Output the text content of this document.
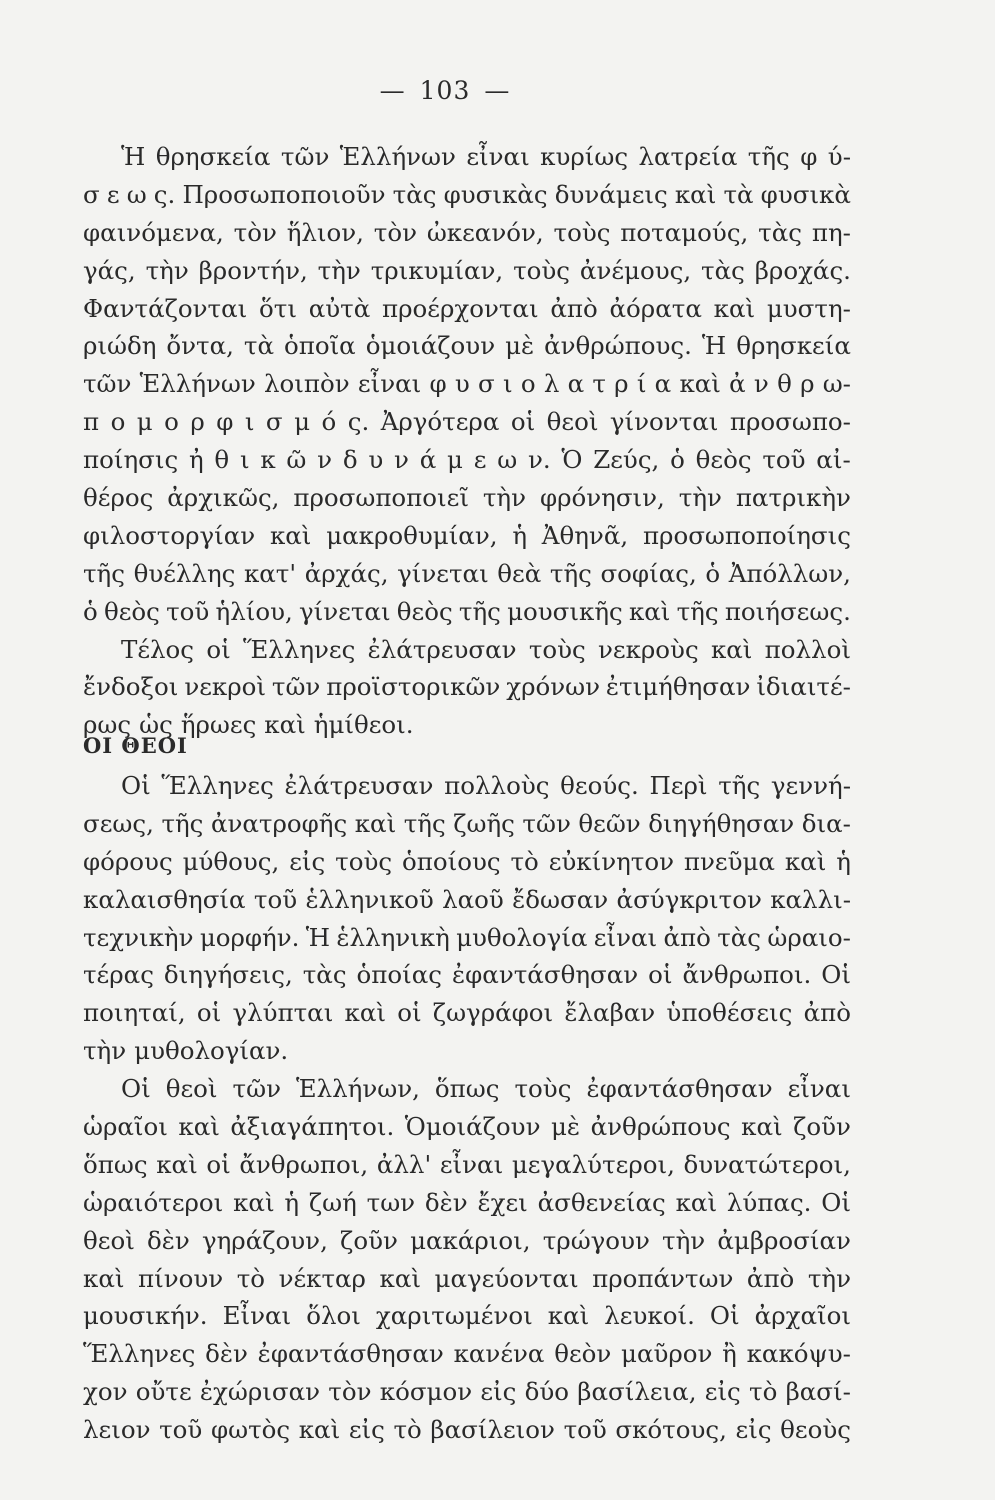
— 103 —
Ἡ θρησκεία τῶν Ἑλλήνων εἶναι κυρίως λατρεία τῆς φ ύ-
σ ε ω ς. Προσωποποιοῦν τὰς φυσικὰς δυνάμεις καὶ τὰ φυσικὰ
φαινόμενα, τὸν ἥλιον, τὸν ὠκεανόν, τοὺς ποταμούς, τὰς πη-
γάς, τὴν βροντήν, τὴν τρικυμίαν, τοὺς ἀνέμους, τὰς βροχάς.
Φαντάζονται ὅτι αὐτὰ προέρχονται ἀπὸ ἀόρατα καὶ μυστη-
ριώδη ὄντα, τὰ ὁποῖα ὁμοιάζουν μὲ ἀνθρώπους. Ἡ θρησκεία
τῶν Ἑλλήνων λοιπὸν εἶναι φ υ σ ι ο λ α τ ρ ί α καὶ ἀ ν θ ρ ω-
π ο μ ο ρ φ ι σ μ ό ς. Ἀργότερα οἱ θεοὶ γίνονται προσωπο-
ποίησις ἠ θ ι κ ῶ ν δ υ ν ά μ ε ω ν. Ὁ Ζεύς, ὁ θεὸς τοῦ αἰ-
θέρος ἀρχικῶς, προσωποποιεῖ τὴν φρόνησιν, τὴν πατρικὴν
φιλοστοργίαν καὶ μακροθυμίαν, ἡ Ἀθηνᾶ, προσωποποίησις
τῆς θυέλλης κατ' ἀρχάς, γίνεται θεὰ τῆς σοφίας, ὁ Ἀπόλλων,
ὁ θεὸς τοῦ ἡλίου, γίνεται θεὸς τῆς μουσικῆς καὶ τῆς ποιήσεως.
Τέλος οἱ Ἕλληνες ἐλάτρευσαν τοὺς νεκροὺς καὶ πολλοὶ
ἔνδοξοι νεκροὶ τῶν προϊστορικῶν χρόνων ἐτιμήθησαν ἰδιαιτέ-
ρως ὡς ἥρωες καὶ ἡμίθεοι.
ΟΙ ΘΕΟΙ
Οἱ Ἕλληνες ἐλάτρευσαν πολλοὺς θεούς. Περὶ τῆς γεννή-
σεως, τῆς ἀνατροφῆς καὶ τῆς ζωῆς τῶν θεῶν διηγήθησαν δια-
φόρους μύθους, εἰς τοὺς ὁποίους τὸ εὐκίνητον πνεῦμα καὶ ἡ
καλαισθησία τοῦ ἑλληνικοῦ λαοῦ ἔδωσαν ἀσύγκριτον καλλι-
τεχνικὴν μορφήν. Ἡ ἑλληνικὴ μυθολογία εἶναι ἀπὸ τὰς ὡραιο-
τέρας διηγήσεις, τὰς ὁποίας ἐφαντάσθησαν οἱ ἄνθρωποι. Οἱ
ποιηταί, οἱ γλύπται καὶ οἱ ζωγράφοι ἔλαβαν ὑποθέσεις ἀπὸ
τὴν μυθολογίαν.
Οἱ θεοὶ τῶν Ἑλλήνων, ὅπως τοὺς ἐφαντάσθησαν εἶναι
ὡραῖοι καὶ ἀξιαγάπητοι. Ὁμοιάζουν μὲ ἀνθρώπους καὶ ζοῦν
ὅπως καὶ οἱ ἄνθρωποι, ἀλλ' εἶναι μεγαλύτεροι, δυνατώτεροι,
ὡραιότεροι καὶ ἡ ζωή των δὲν ἔχει ἀσθενείας καὶ λύπας. Οἱ
θεοὶ δὲν γηράζουν, ζοῦν μακάριοι, τρώγουν τὴν ἀμβροσίαν
καὶ πίνουν τὸ νέκταρ καὶ μαγεύονται προπάντων ἀπὸ τὴν
μουσικήν. Εἶναι ὅλοι χαριτωμένοι καὶ λευκοί. Οἱ ἀρχαῖοι
Ἕλληνες δὲν ἐφαντάσθησαν κανένα θεὸν μαῦρον ἢ κακόψυ-
χον οὔτε ἐχώρισαν τὸν κόσμον εἰς δύο βασίλεια, εἰς τὸ βασί-
λειον τοῦ φωτὸς καὶ εἰς τὸ βασίλειον τοῦ σκότους, εἰς θεοὺς
